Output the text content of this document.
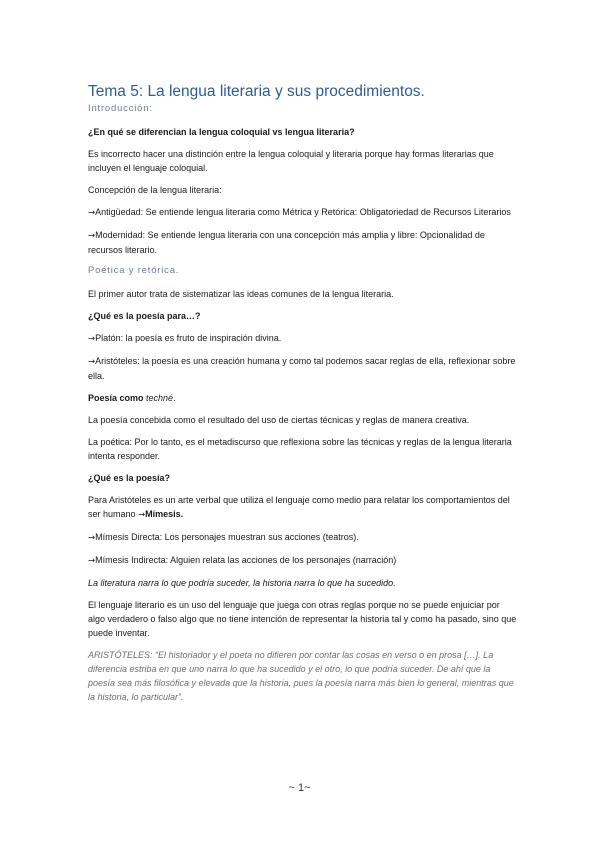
Tema 5: La lengua literaria y sus procedimientos.
Introducción:

¿En qué se diferencian la lengua coloquial vs lengua literaria?

Es incorrecto hacer una distinción entre la lengua coloquial y literaria porque hay formas literarias que incluyen el lenguaje coloquial.

Concepción de la lengua literaria:

→Antigüedad: Se entiende lengua literaria como Métrica y Retórica: Obligatoriedad de Recursos Literarios

→Modernidad: Se entiende lengua literaria con una concepción más amplia y libre: Opcionalidad de recursos literario.

Poética y retórica.

El primer autor trata de sistematizar las ideas comunes de la lengua literaria.

¿Qué es la poesía para…?

→Platón: la poesía es fruto de inspiración divina.

→Aristóteles: la poesía es una creación humana y como tal podemos sacar reglas de ella, reflexionar sobre ella.

Poesía como techné.

La poesía concebida como el resultado del uso de ciertas técnicas y reglas de manera creativa.

La poética: Por lo tanto, es el metadiscurso que reflexiona sobre las técnicas y reglas de la lengua literaria intenta responder.

¿Qué es la poesía?

Para Aristóteles es un arte verbal que utiliza el lenguaje como medio para relatar los comportamientos del ser humano →Mímesis.

→Mímesis Directa: Los personajes muestran sus acciones (teatros).

→Mímesis Indirecta: Alguien relata las acciones de los personajes (narración)

La literatura narra lo que podría suceder, la historia narra lo que ha sucedido.

El lenguaje literario es un uso del lenguaje que juega con otras reglas porque no se puede enjuiciar por algo verdadero o falso algo que no tiene intención de representar la historia tal y como ha pasado, sino que puede inventar.

ARISTÓTELES: “El historiador y el poeta no difieren por contar las cosas en verso o en prosa […]. La diferencia estriba en que uno narra lo que ha sucedido y el otro, lo que podría suceder. De ahí que la poesía sea más filosófica y elevada que la historia, pues la poesía narra más bien lo general, mientras que la historia, lo particular”.

~ 1~
